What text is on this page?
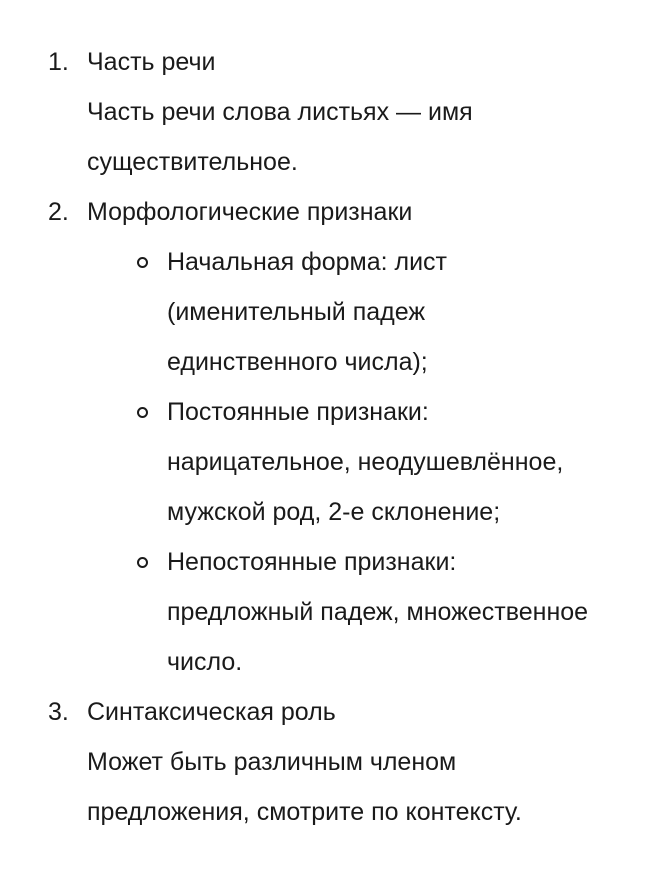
1. Часть речи
Часть речи слова листьях — имя
существительное.
2. Морфологические признаки
Начальная форма: лист
(именительный падеж
единственного числа);
Постоянные признаки:
нарицательное, неодушевлённое,
мужской род, 2-е склонение;
Непостоянные признаки:
предложный падеж, множественное
число.
3. Синтаксическая роль
Может быть различным членом
предложения, смотрите по контексту.
